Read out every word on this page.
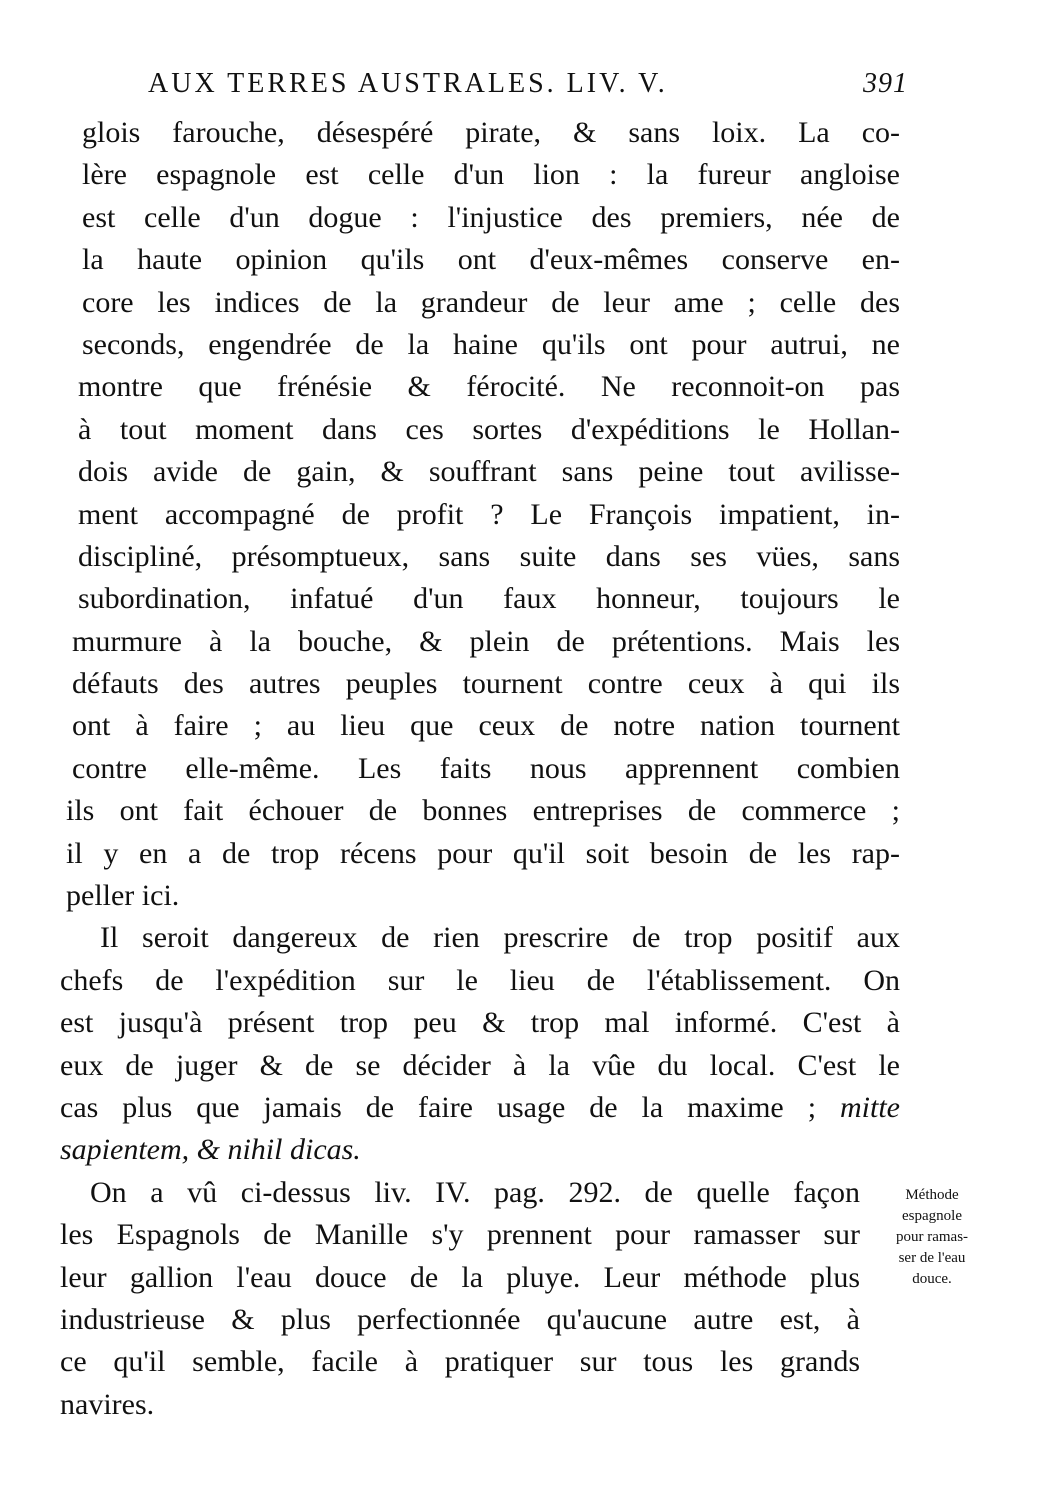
AUX TERRES AUSTRALES. LIV. V.	391
glois farouche, désespéré pirate, & sans loix. La co-
lère espagnole est celle d'un lion : la fureur angloise
est celle d'un dogue : l'injustice des premiers, née de
la haute opinion qu'ils ont d'eux-mêmes conserve en-
core les indices de la grandeur de leur ame ; celle des
seconds, engendrée de la haine qu'ils ont pour autrui, ne
montre que frénésie & férocité. Ne reconnoit-on pas
à tout moment dans ces sortes d'expéditions le Hollan-
dois avide de gain, & souffrant sans peine tout avilisse-
ment accompagné de profit ? Le François impatient, in-
discipliné, présomptueux, sans suite dans ses vües, sans
subordination, infatué d'un faux honneur, toujours le
murmure à la bouche, & plein de prétentions. Mais les
défauts des autres peuples tournent contre ceux à qui ils
ont à faire ; au lieu que ceux de notre nation tournent
contre elle-même. Les faits nous apprennent combien
ils ont fait échouer de bonnes entreprises de commerce ;
il y en a de trop récens pour qu'il soit besoin de les rap-
peller ici.
Il seroit dangereux de rien prescrire de trop positif aux
chefs de l'expédition sur le lieu de l'établissement. On
est jusqu'à présent trop peu & trop mal informé. C'est à
eux de juger & de se décider à la vûe du local. C'est le
cas plus que jamais de faire usage de la maxime ; mitte
sapientem, & nihil dicas.
On a vû ci-dessus liv. IV. pag. 292. de quelle façon
les Espagnols de Manille s'y prennent pour ramasser sur
leur gallion l'eau douce de la pluye. Leur méthode plus
industrieuse & plus perfectionnée qu'aucune autre est, à
ce qu'il semble, facile à pratiquer sur tous les grands
navires.
Méthode
espagnole
pour ramas-
ser de l'eau
douce.
